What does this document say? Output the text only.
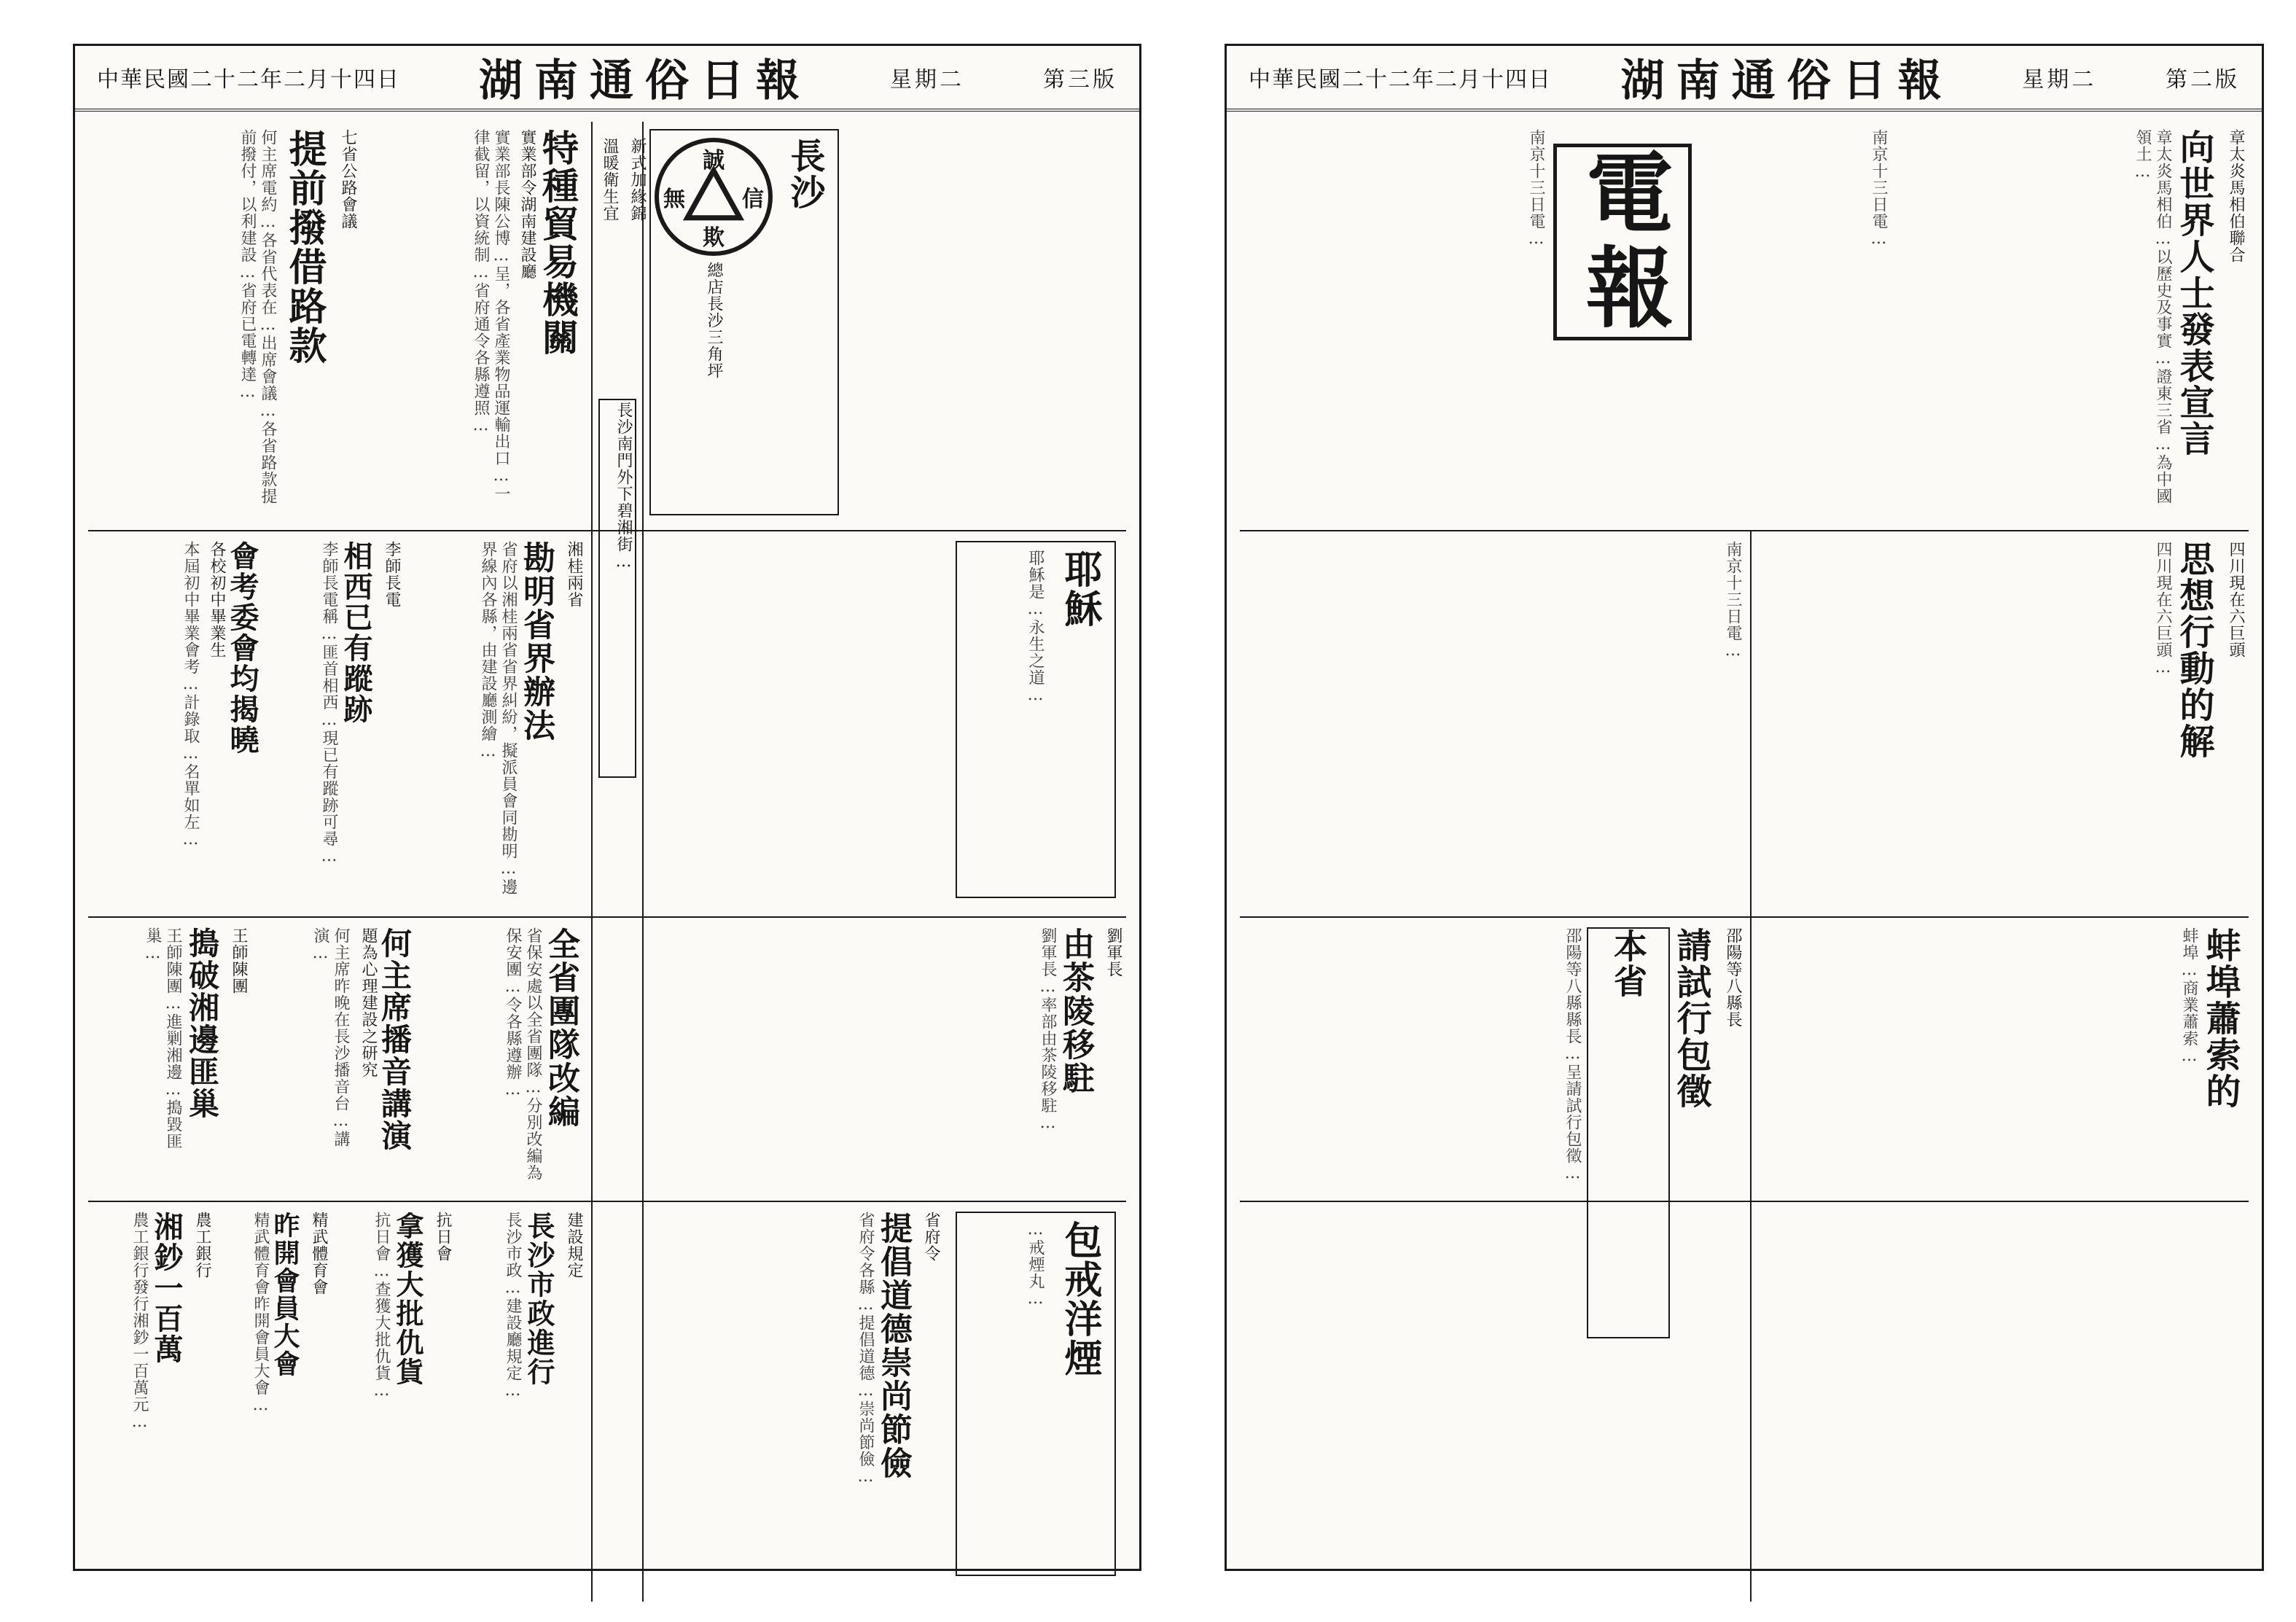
中華民國二十二年二月十四日 湖南通俗日報	星期二	第三版
特種貿易機關
實業部令湖南建設廳
實業部長陳公博…呈，各省產業物品運輸出口…一律截留，以資統制…省府通令各縣遵照…
七省公路會議
提前撥借路款
何主席電約…各省代表在…出席會議…各省路款提前撥付，以利建設…省府已電轉達…
會考委會均揭曉
各校初中畢業生
本屆初中畢業會考…計錄取…名單如左…	李師長電
相西已有蹤跡
李師長電稱…匪首相西…現已有蹤跡可尋…	湘桂兩省
勘明省界辦法
省府以湘桂兩省省界糾紛，擬派員會同勘明…邊界線內各縣，由建設廳測繪…
王師陳團
搗破湘邊匪巢
王師陳團…進剿湘邊…搗毀匪巢…	何主席播音講演
題為心理建設之研究
何主席昨晚在長沙播音台…講演…	全省團隊改編
省保安處以全省團隊…分別改編為保安團…令各縣遵辦…
農工銀行
湘鈔一百萬
農工銀行發行湘鈔一百萬元…	精武體育會
昨開會員大會
精武體育會昨開會員大會…	抗日會
拿獲大批仇貨
抗日會…查獲大批仇貨…	建設規定
長沙市政進行
長沙市政…建設廳規定…
長沙南門外下碧湘街…
長沙
誠
無	信
欺
總店長沙三角坪
新式加緣錦
溫暖衛生宜
耶穌
耶穌是…永生之道…
包戒洋煙
…戒煙丸…
省府令
提倡道德崇尚節儉
省府令各縣…提倡道德…崇尚節儉…
劉軍長
由茶陵移駐
劉軍長…率部由茶陵移駐…
中華民國二十二年二月十四日 湖南通俗日報	星期二	第二版
章太炎馬相伯聯合
向世界人士發表宣言
章太炎馬相伯…以歷史及事實…證東三省…為中國領土…
電報
南京十三日電…	南京十三日電…
四川現在六巨頭
思想行動的解
四川現在六巨頭…
南京十三日電…
蚌埠蕭索的
蚌埠…商業蕭索…
邵陽等八縣長
請試行包徵
本省
邵陽等八縣縣長…呈請試行包徵…
